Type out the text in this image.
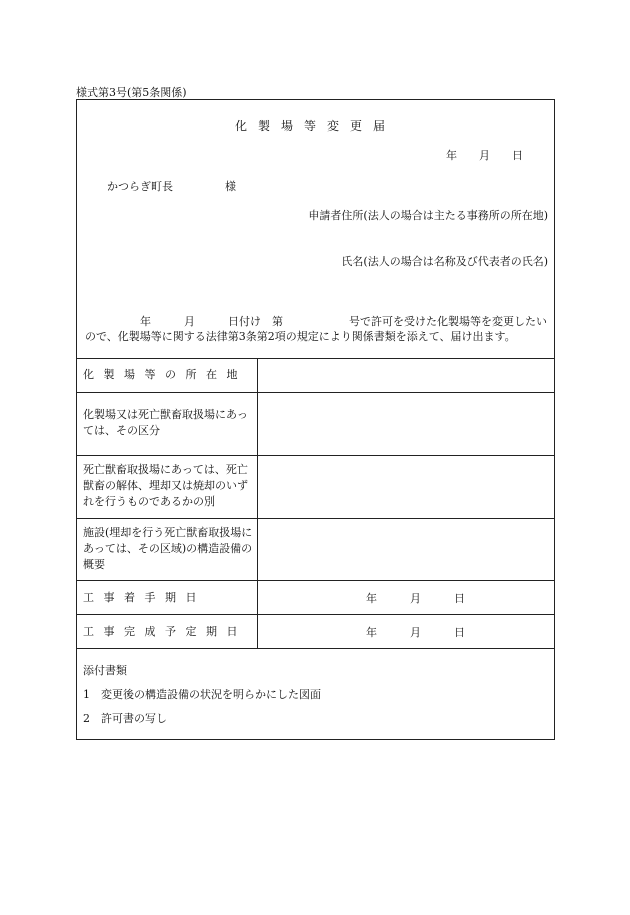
様式第3号(第5条関係)
化製場等変更届
年　　月　　日
かつらぎ町長	様
申請者住所(法人の場合は主たる事務所の所在地)
氏名(法人の場合は名称及び代表者の氏名)
　　　　　年　　　月　　　日付け　第　　　　　　号で許可を受けた化製場等を変更したいので、化製場等に関する法律第3条第2項の規定により関係書類を添えて、届け出ます。
化製場等の所在地
化製場又は死亡獣畜取扱場にあっては、その区分
死亡獣畜取扱場にあっては、死亡獣畜の解体、埋却又は焼却のいずれを行うものであるかの別
施設(埋却を行う死亡獣畜取扱場にあっては、その区域)の構造設備の概要
工事着手期日	年　　　月　　　日
工事完成予定期日	年　　　月　　　日
添付書類
1　変更後の構造設備の状況を明らかにした図面
2　許可書の写し
